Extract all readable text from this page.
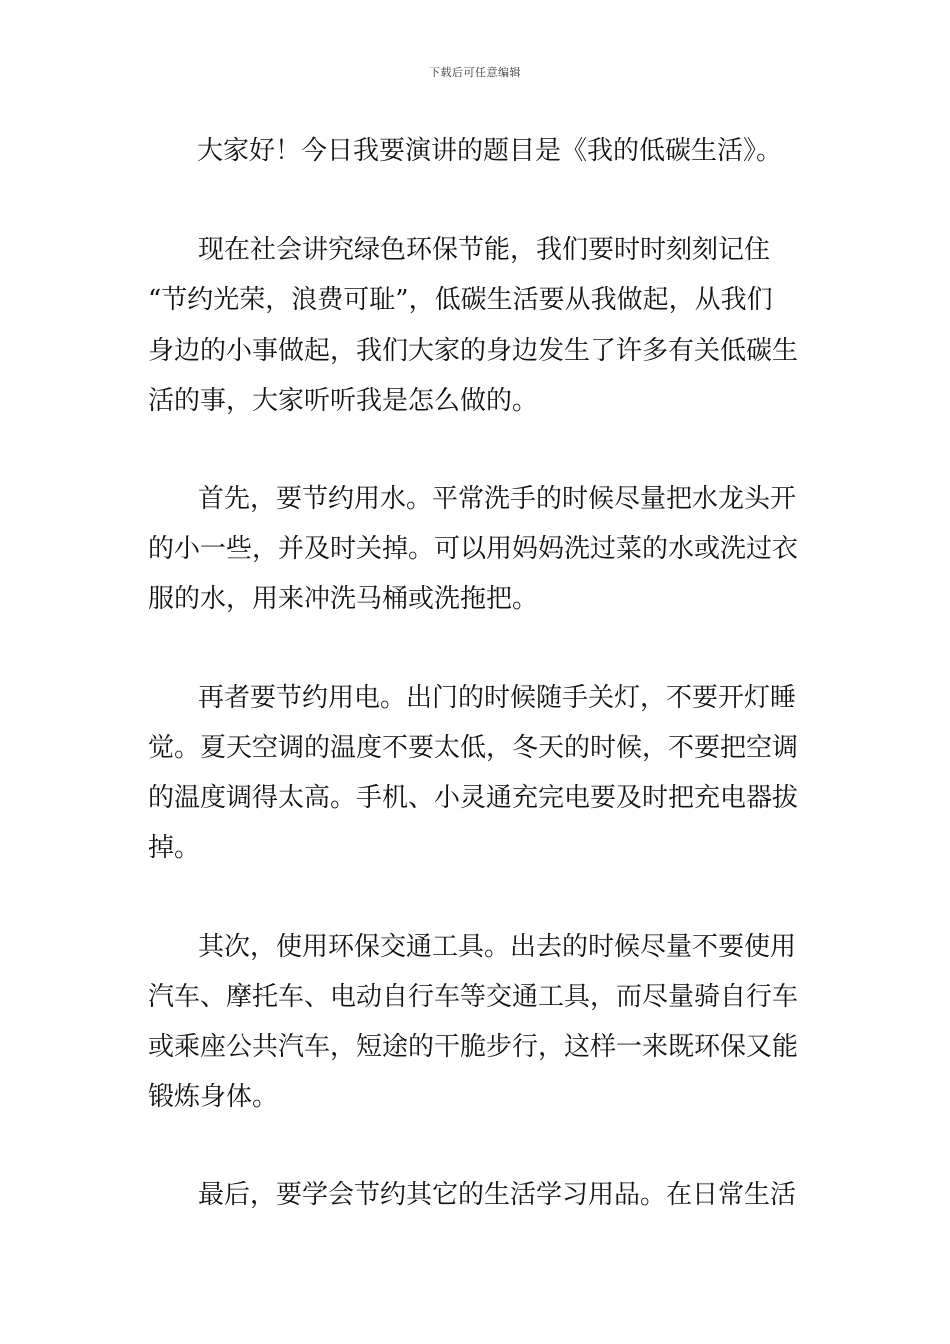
下载后可任意编辑
大家好！今日我要演讲的题目是《我的低碳生活》。
现在社会讲究绿色环保节能，我们要时时刻刻记住
“节约光荣，浪费可耻”，低碳生活要从我做起，从我们
身边的小事做起，我们大家的身边发生了许多有关低碳生
活的事，大家听听我是怎么做的。
首先，要节约用水。平常洗手的时候尽量把水龙头开
的小一些，并及时关掉。可以用妈妈洗过菜的水或洗过衣
服的水，用来冲洗马桶或洗拖把。
再者要节约用电。出门的时候随手关灯，不要开灯睡
觉。夏天空调的温度不要太低，冬天的时候，不要把空调
的温度调得太高。手机、小灵通充完电要及时把充电器拔
掉。
其次，使用环保交通工具。出去的时候尽量不要使用
汽车、摩托车、电动自行车等交通工具，而尽量骑自行车
或乘座公共汽车，短途的干脆步行，这样一来既环保又能
锻炼身体。
最后，要学会节约其它的生活学习用品。在日常生活
